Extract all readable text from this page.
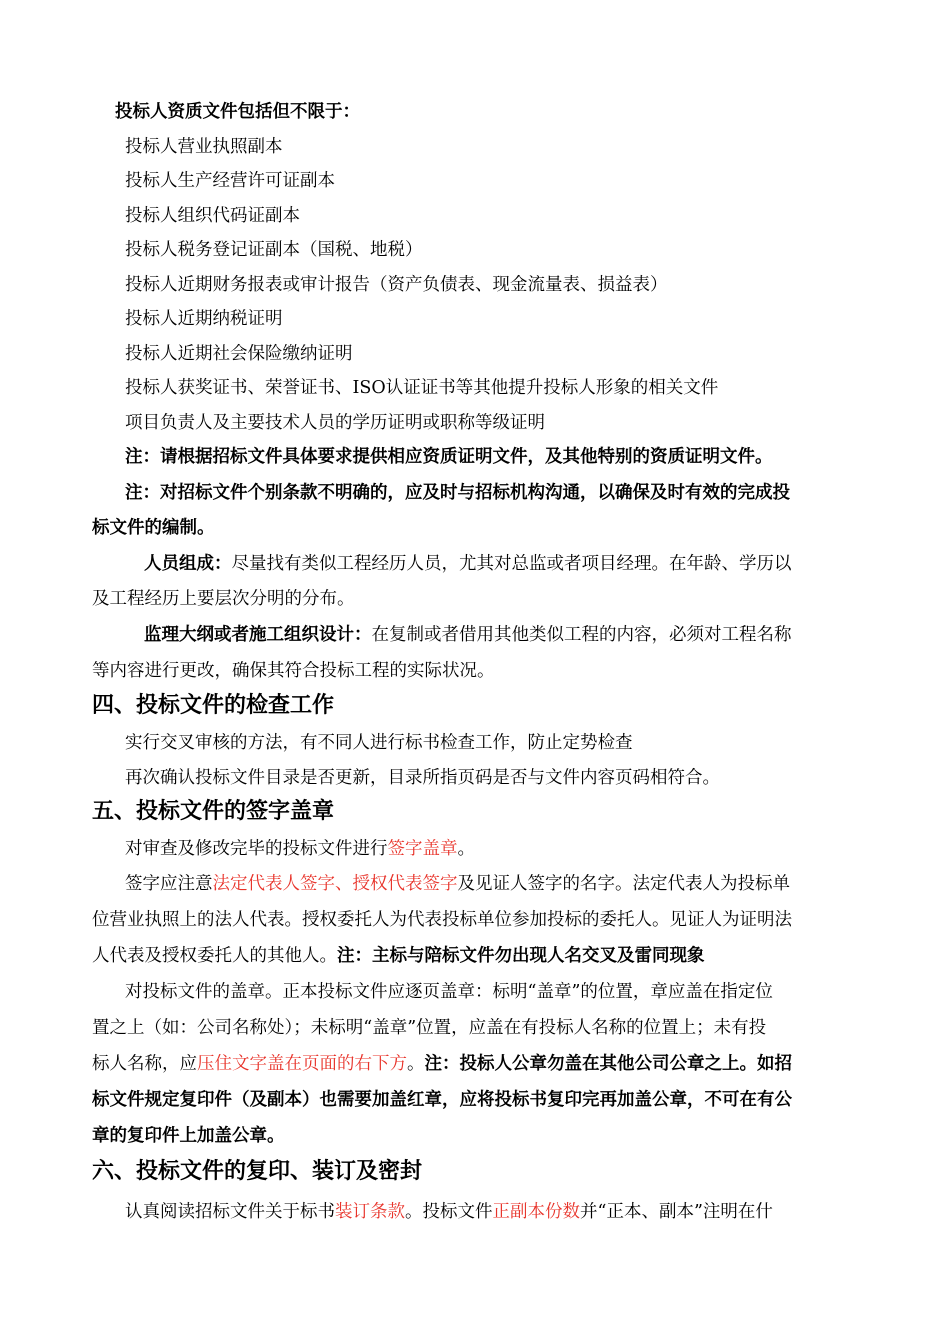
投标人资质文件包括但不限于：
投标人营业执照副本
投标人生产经营许可证副本
投标人组织代码证副本
投标人税务登记证副本（国税、地税）
投标人近期财务报表或审计报告（资产负债表、现金流量表、损益表）
投标人近期纳税证明
投标人近期社会保险缴纳证明
投标人获奖证书、荣誉证书、ISO认证证书等其他提升投标人形象的相关文件
项目负责人及主要技术人员的学历证明或职称等级证明
注：请根据招标文件具体要求提供相应资质证明文件，及其他特别的资质证明文件。
注：对招标文件个别条款不明确的，应及时与招标机构沟通，以确保及时有效的完成投
标文件的编制。
人员组成：尽量找有类似工程经历人员，尤其对总监或者项目经理。在年龄、学历以
及工程经历上要层次分明的分布。
监理大纲或者施工组织设计：在复制或者借用其他类似工程的内容，必须对工程名称
等内容进行更改，确保其符合投标工程的实际状况。
四、投标文件的检查工作
实行交叉审核的方法，有不同人进行标书检查工作，防止定势检查
再次确认投标文件目录是否更新，目录所指页码是否与文件内容页码相符合。
五、投标文件的签字盖章
对审查及修改完毕的投标文件进行签字盖章。
签字应注意法定代表人签字、授权代表签字及见证人签字的名字。法定代表人为投标单
位营业执照上的法人代表。授权委托人为代表投标单位参加投标的委托人。见证人为证明法
人代表及授权委托人的其他人。注：主标与陪标文件勿出现人名交叉及雷同现象
对投标文件的盖章。正本投标文件应逐页盖章：标明“盖章”的位置，章应盖在指定位
置之上（如：公司名称处）；未标明“盖章”位置，应盖在有投标人名称的位置上；未有投
标人名称，应压住文字盖在页面的右下方。注：投标人公章勿盖在其他公司公章之上。如招
标文件规定复印件（及副本）也需要加盖红章，应将投标书复印完再加盖公章，不可在有公
章的复印件上加盖公章。
六、投标文件的复印、装订及密封
认真阅读招标文件关于标书装订条款。投标文件正副本份数并“正本、副本”注明在什
